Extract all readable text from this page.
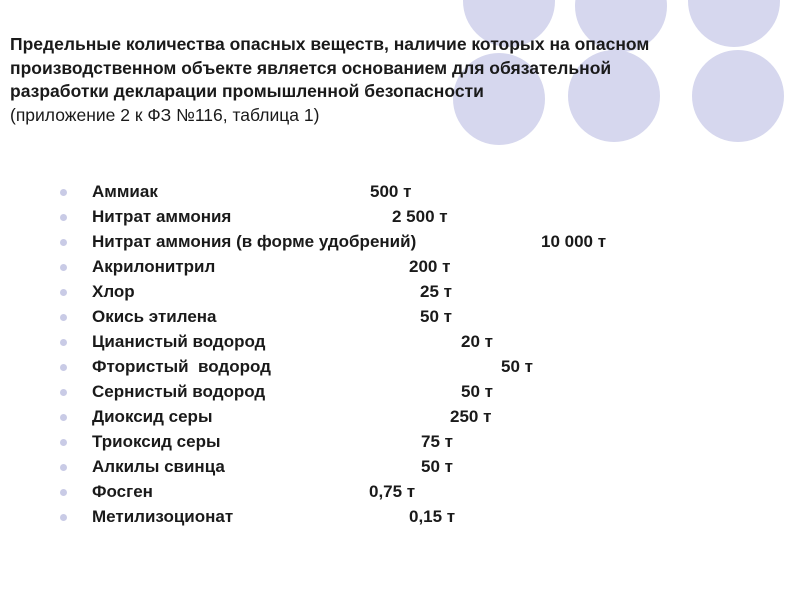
Предельные количества опасных веществ, наличие которых на опасном
производственном объекте является основанием для обязательной
разработки декларации промышленной безопасности
(приложение 2 к ФЗ №116, таблица 1)
Аммиак	500 т
Нитрат аммония	2 500 т
Нитрат аммония (в форме удобрений)	10 000 т
Акрилонитрил	200 т
Хлор	25 т
Окись этилена	50 т
Цианистый водород	20 т
Фтористый  водород	50 т
Сернистый водород	50 т
Диоксид серы	250 т
Триоксид серы	75 т
Алкилы свинца	50 т
Фосген	0,75 т
Метилизоционат	0,15 т
